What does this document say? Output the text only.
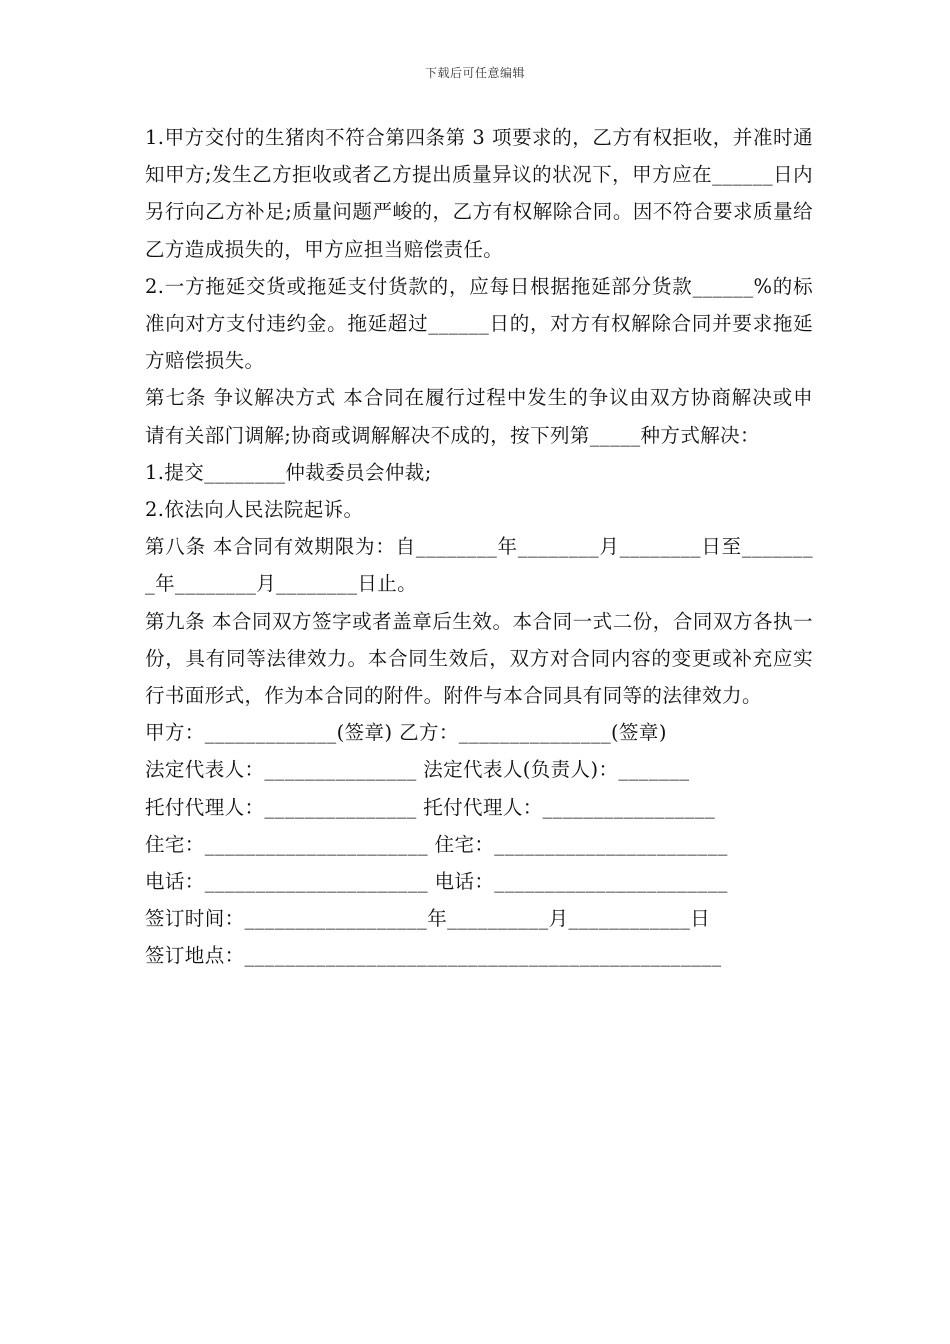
下载后可任意编辑

1.甲方交付的生猪肉不符合第四条第 3 项要求的，乙方有权拒收，并准时通知甲方;发生乙方拒收或者乙方提出质量异议的状况下，甲方应在______日内另行向乙方补足;质量问题严峻的，乙方有权解除合同。因不符合要求质量给乙方造成损失的，甲方应担当赔偿责任。

2.一方拖延交货或拖延支付货款的，应每日根据拖延部分货款______%的标准向对方支付违约金。拖延超过______日的，对方有权解除合同并要求拖延方赔偿损失。

第七条 争议解决方式 本合同在履行过程中发生的争议由双方协商解决或申请有关部门调解;协商或调解解决不成的，按下列第_____种方式解决：

1.提交________仲裁委员会仲裁;

2.依法向人民法院起诉。

第八条 本合同有效期限为：自________年________月________日至________年________月________日止。

第九条 本合同双方签字或者盖章后生效。本合同一式二份，合同双方各执一份，具有同等法律效力。本合同生效后，双方对合同内容的变更或补充应实行书面形式，作为本合同的附件。附件与本合同具有同等的法律效力。

甲方：_____________(签章) 乙方：_______________(签章)

法定代表人：_______________ 法定代表人(负责人)：_______

托付代理人：_______________ 托付代理人：_________________

住宅：______________________ 住宅：_______________________

电话：______________________ 电话：_______________________

签订时间：__________________年__________月____________日

签订地点：_______________________________________________
